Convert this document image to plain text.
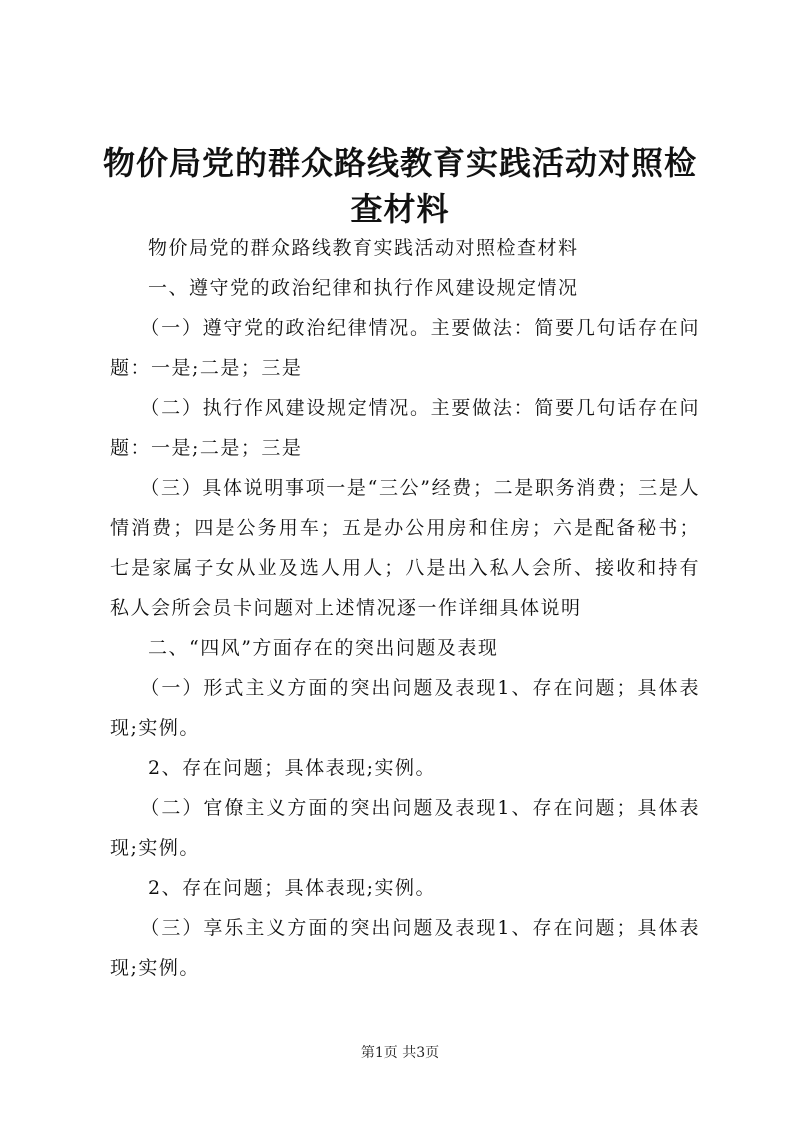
物价局党的群众路线教育实践活动对照检查材料

物价局党的群众路线教育实践活动对照检查材料

一、遵守党的政治纪律和执行作风建设规定情况

（一）遵守党的政治纪律情况。主要做法：简要几句话存在问题：一是;二是；三是

（二）执行作风建设规定情况。主要做法：简要几句话存在问题：一是;二是；三是

（三）具体说明事项一是“三公”经费；二是职务消费；三是人情消费；四是公务用车；五是办公用房和住房；六是配备秘书；七是家属子女从业及选人用人；八是出入私人会所、接收和持有私人会所会员卡问题对上述情况逐一作详细具体说明

二、“四风”方面存在的突出问题及表现

（一）形式主义方面的突出问题及表现1、存在问题；具体表现;实例。

2、存在问题；具体表现;实例。

（二）官僚主义方面的突出问题及表现1、存在问题；具体表现;实例。

2、存在问题；具体表现;实例。

（三）享乐主义方面的突出问题及表现1、存在问题；具体表现;实例。

第1页 共3页
